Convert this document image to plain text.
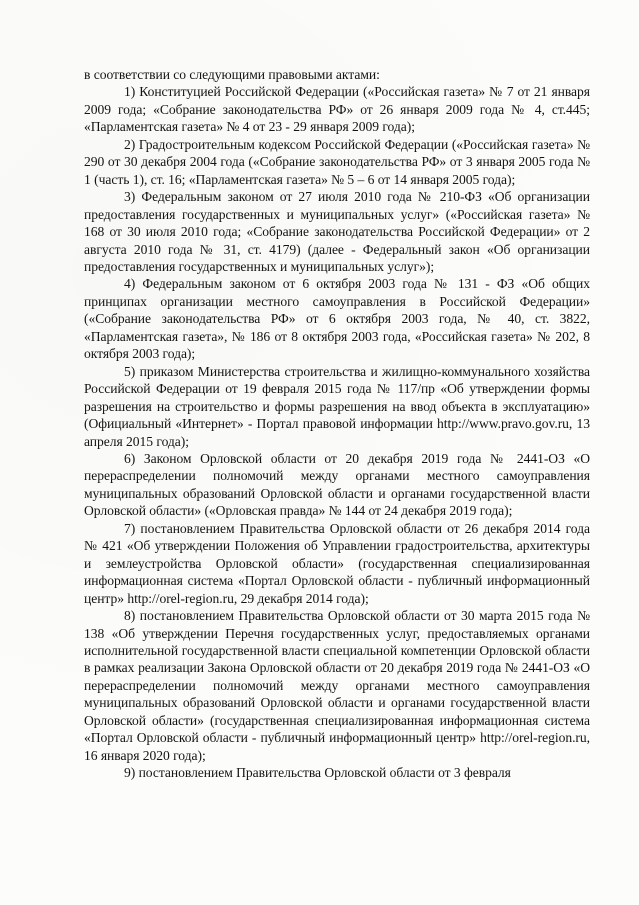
в соответствии со следующими правовыми актами:

1) Конституцией Российской Федерации («Российская газета» № 7 от 21 января 2009 года; «Собрание законодательства РФ» от 26 января 2009 года № 4, ст.445; «Парламентская газета» № 4 от 23 - 29 января 2009 года);

2) Градостроительным кодексом Российской Федерации («Российская газета» № 290 от 30 декабря 2004 года («Собрание законодательства РФ» от 3 января 2005 года № 1 (часть 1), ст. 16; «Парламентская газета» № 5 – 6 от 14 января 2005 года);

3) Федеральным законом от 27 июля 2010 года № 210-ФЗ «Об организации предоставления государственных и муниципальных услуг» («Российская газета» № 168 от 30 июля 2010 года; «Собрание законодательства Российской Федерации» от 2 августа 2010 года № 31, ст. 4179) (далее - Федеральный закон «Об организации предоставления государственных и муниципальных услуг»);

4) Федеральным законом от 6 октября 2003 года № 131 - ФЗ «Об общих принципах организации местного самоуправления в Российской Федерации» («Собрание законодательства РФ» от 6 октября 2003 года, № 40, ст. 3822, «Парламентская газета», № 186 от 8 октября 2003 года, «Российская газета» № 202, 8 октября 2003 года);

5) приказом Министерства строительства и жилищно-коммунального хозяйства Российской Федерации от 19 февраля 2015 года № 117/пр «Об утверждении формы разрешения на строительство и формы разрешения на ввод объекта в эксплуатацию» (Официальный «Интернет» - Портал правовой информации http://www.pravo.gov.ru, 13 апреля 2015 года);

6) Законом Орловской области от 20 декабря 2019 года № 2441-ОЗ «О перераспределении полномочий между органами местного самоуправления муниципальных образований Орловской области и органами государственной власти Орловской области» («Орловская правда» № 144 от 24 декабря 2019 года);

7) постановлением Правительства Орловской области от 26 декабря 2014 года № 421 «Об утверждении Положения об Управлении градостроительства, архитектуры и землеустройства Орловской области» (государственная специализированная информационная система «Портал Орловской области - публичный информационный центр» http://orel-region.ru, 29 декабря 2014 года);

8) постановлением Правительства Орловской области от 30 марта 2015 года № 138 «Об утверждении Перечня государственных услуг, предоставляемых органами исполнительной государственной власти специальной компетенции Орловской области в рамках реализации Закона Орловской области от 20 декабря 2019 года № 2441-ОЗ «О перераспределении полномочий между органами местного самоуправления муниципальных образований Орловской области и органами государственной власти Орловской области» (государственная специализированная информационная система «Портал Орловской области - публичный информационный центр» http://orel-region.ru, 16 января 2020 года);

9) постановлением Правительства Орловской области от 3 февраля
